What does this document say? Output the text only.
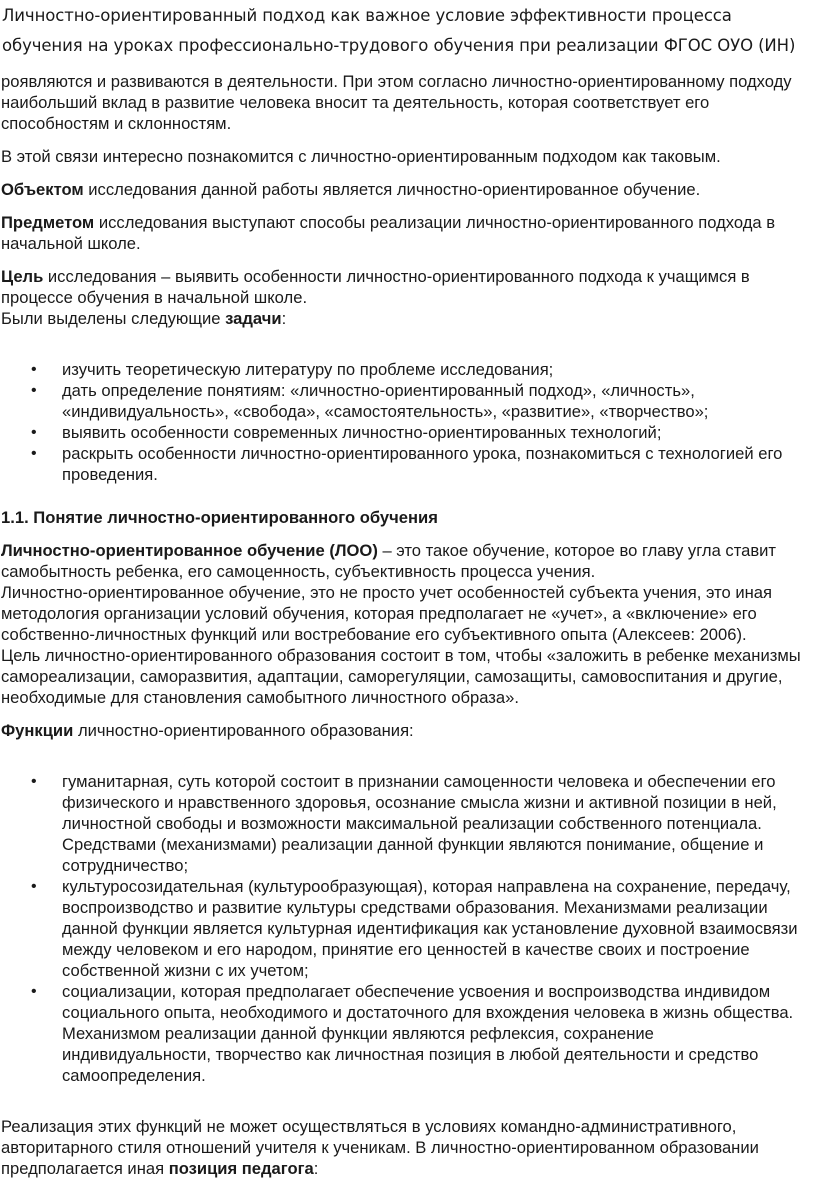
Личностно-ориентированный подход как важное условие эффективности процесса обучения на уроках профессионально-трудового обучения при реализации ФГОС ОУО (ИН)

роявляются и развиваются в деятельности. При этом согласно личностно-ориентированному подходу наибольший вклад в развитие человека вносит та деятельность, которая соответствует его способностям и склонностям.

В этой связи интересно познакомится с личностно-ориентированным подходом как таковым.

Объектом исследования данной работы является личностно-ориентированное обучение.

Предметом исследования выступают способы реализации личностно-ориентированного подхода в начальной школе.

Цель исследования – выявить особенности личностно-ориентированного подхода к учащимся в процессе обучения в начальной школе.

Были выделены следующие задачи:

• изучить теоретическую литературу по проблеме исследования;
• дать определение понятиям: «личностно-ориентированный подход», «личность», «индивидуальность», «свобода», «самостоятельность», «развитие», «творчество»;
• выявить особенности современных личностно-ориентированных технологий;
• раскрыть особенности личностно-ориентированного урока, познакомиться с технологией его проведения.

1.1. Понятие личностно-ориентированного обучения

Личностно-ориентированное обучение (ЛОО) – это такое обучение, которое во главу угла ставит самобытность ребенка, его самоценность, субъективность процесса учения.

Личностно-ориентированное обучение, это не просто учет особенностей субъекта учения, это иная методология организации условий обучения, которая предполагает не «учет», а «включение» его собственно-личностных функций или востребование его субъективного опыта (Алексеев: 2006).

Цель личностно-ориентированного образования состоит в том, чтобы «заложить в ребенке механизмы самореализации, саморазвития, адаптации, саморегуляции, самозащиты, самовоспитания и другие, необходимые для становления самобытного личностного образа».

Функции личностно-ориентированного образования:

• гуманитарная, суть которой состоит в признании самоценности человека и обеспечении его физического и нравственного здоровья, осознание смысла жизни и активной позиции в ней, личностной свободы и возможности максимальной реализации собственного потенциала. Средствами (механизмами) реализации данной функции являются понимание, общение и сотрудничество;
• культуросозидательная (культурообразующая), которая направлена на сохранение, передачу, воспроизводство и развитие культуры средствами образования. Механизмами реализации данной функции является культурная идентификация как установление духовной взаимосвязи между человеком и его народом, принятие его ценностей в качестве своих и построение собственной жизни с их учетом;
• социализации, которая предполагает обеспечение усвоения и воспроизводства индивидом социального опыта, необходимого и достаточного для вхождения человека в жизнь общества. Механизмом реализации данной функции являются рефлексия, сохранение индивидуальности, творчество как личностная позиция в любой деятельности и средство самоопределения.

Реализация этих функций не может осуществляться в условиях командно-административного, авторитарного стиля отношений учителя к ученикам. В личностно-ориентированном образовании предполагается иная позиция педагога:
